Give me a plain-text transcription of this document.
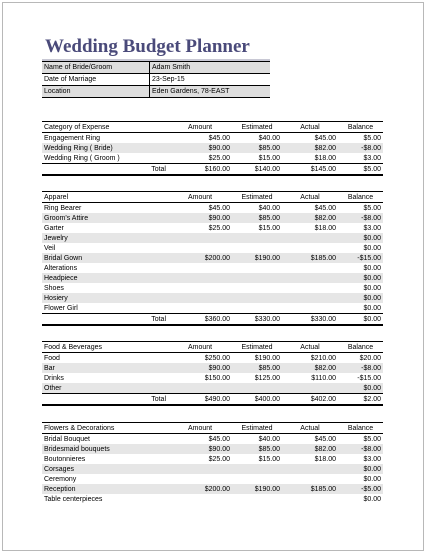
Wedding Budget Planner
Name of Bride/Groom	Adam Smith
Date of Marriage	23-Sep-15
Location	Eden Gardens, 78-EAST
Category of Expense		Amount	Estimated	Actual	Balance
Engagement Ring		$45.00	$40.00	$45.00	$5.00
Wedding Ring ( Bride)		$90.00	$85.00	$82.00	-$8.00
Wedding Ring ( Groom )		$25.00	$15.00	$18.00	$3.00
	Total	$160.00	$140.00	$145.00	$5.00
Apparel		Amount	Estimated	Actual	Balance
Ring Bearer		$45.00	$40.00	$45.00	$5.00
Groom's Attire		$90.00	$85.00	$82.00	-$8.00
Garter		$25.00	$15.00	$18.00	$3.00
Jewelry					$0.00
Veil					$0.00
Bridal Gown		$200.00	$190.00	$185.00	-$15.00
Alterations					$0.00
Headpiece					$0.00
Shoes					$0.00
Hosiery					$0.00
Flower Girl					$0.00
	Total	$360.00	$330.00	$330.00	$0.00
Food & Beverages		Amount	Estimated	Actual	Balance
Food		$250.00	$190.00	$210.00	$20.00
Bar		$90.00	$85.00	$82.00	-$8.00
Drinks		$150.00	$125.00	$110.00	-$15.00
Other					$0.00
	Total	$490.00	$400.00	$402.00	$2.00
Flowers & Decorations	Amount	Estimated	Actual	Balance
Bridal Bouquet	$45.00	$40.00	$45.00	$5.00
Bridesmaid bouquets	$90.00	$85.00	$82.00	-$8.00
Boutonnieres	$25.00	$15.00	$18.00	$3.00
Corsages				$0.00
Ceremony				$0.00
Reception	$200.00	$190.00	$185.00	-$5.00
Table centerpieces				$0.00
